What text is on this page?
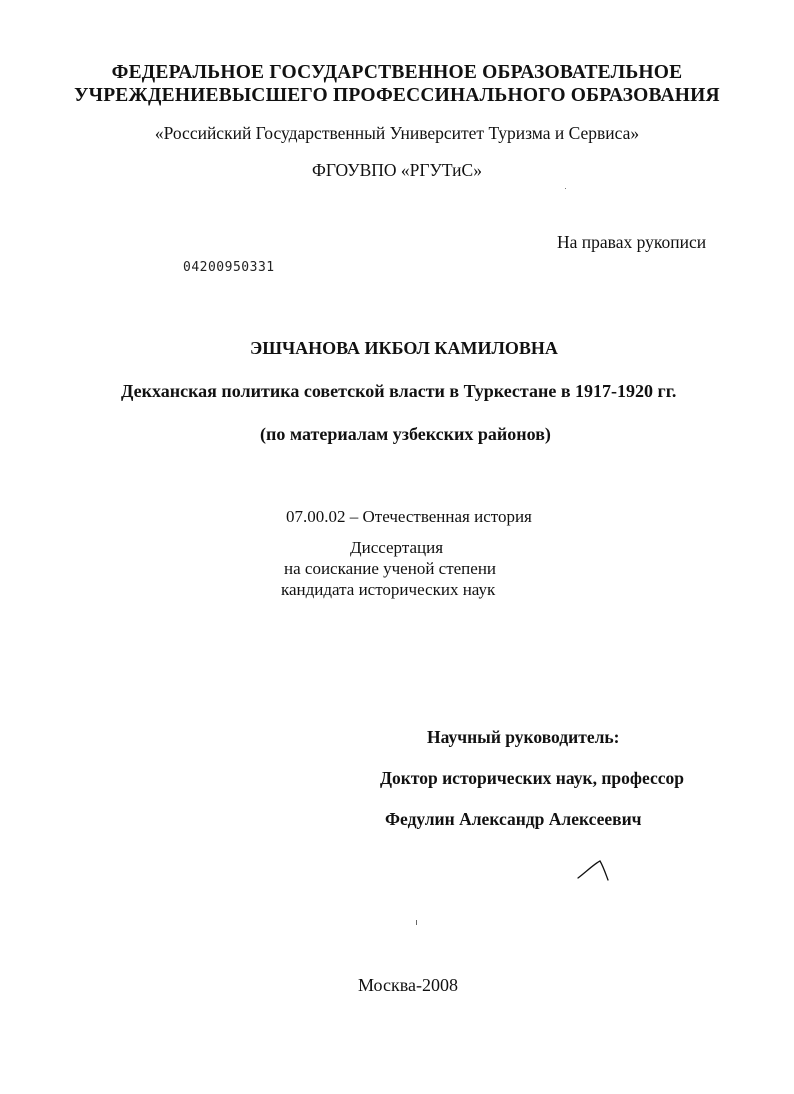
ФЕДЕРАЛЬНОЕ ГОСУДАРСТВЕННОЕ ОБРАЗОВАТЕЛЬНОЕ
УЧРЕЖДЕНИЕВЫСШЕГО ПРОФЕССИНАЛЬНОГО ОБРАЗОВАНИЯ
«Российский Государственный Университет Туризма и Сервиса»
ФГОУВПО «РГУТиС»
На правах рукописи
04200950331
ЭШЧАНОВА ИКБОЛ КАМИЛОВНА
Декханская политика советской власти в Туркестане в 1917-1920 гг.
(по материалам узбекских районов)
07.00.02 – Отечественная история
Диссертация
на соискание ученой степени
кандидата исторических наук
Научный руководитель:
Доктор исторических наук, профессор
Федулин Александр Алексеевич
Москва-2008
